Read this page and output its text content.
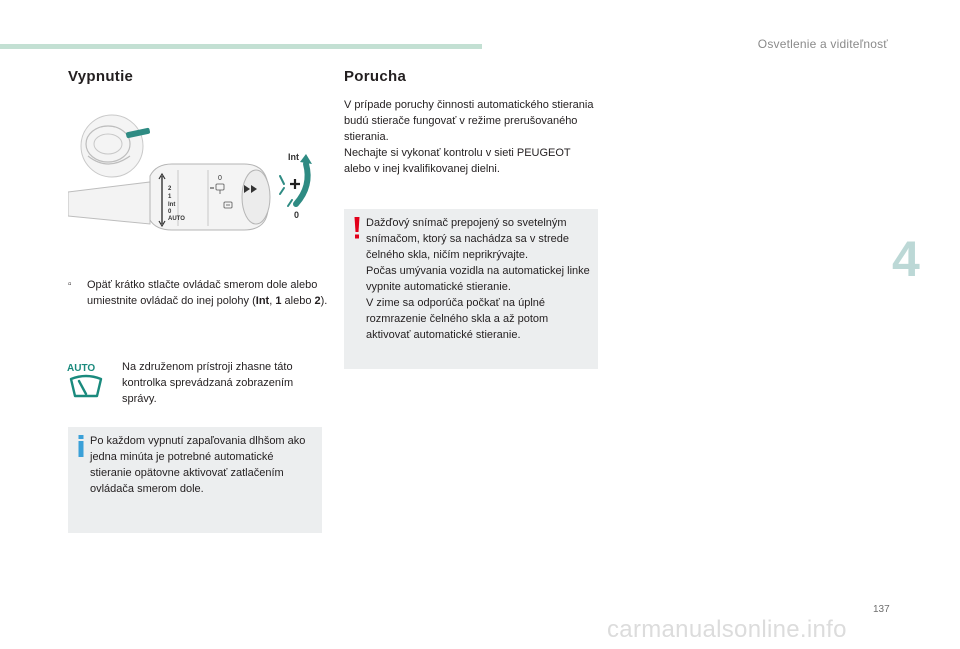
Osvetlenie a viditeľnosť
4
Vypnutie
2
1
Int
0
AUTO
0
Int
0
▫	Opäť krátko stlačte ovládač smerom dole alebo umiestnite ovládač do inej polohy (Int, 1 alebo 2).
AUTO Na združenom prístroji zhasne táto kontrolka sprevádzaná zobrazením správy.
Po každom vypnutí zapaľovania dlhšom ako jedna minúta je potrebné automatické stieranie opätovne aktivovať zatlačením ovládača smerom dole.
Porucha
V prípade poruchy činnosti automatického stierania budú stierače fungovať v režime prerušovaného stierania.
Nechajte si vykonať kontrolu v sieti PEUGEOT alebo v inej kvalifikovanej dielni.
Dažďový snímač prepojený so svetelným snímačom, ktorý sa nachádza sa v strede čelného skla, ničím neprikrývajte.
Počas umývania vozidla na automatickej linke vypnite automatické stieranie.
V zime sa odporúča počkať na úplné rozmrazenie čelného skla a až potom aktivovať automatické stieranie.
137
carmanualsonline.info
